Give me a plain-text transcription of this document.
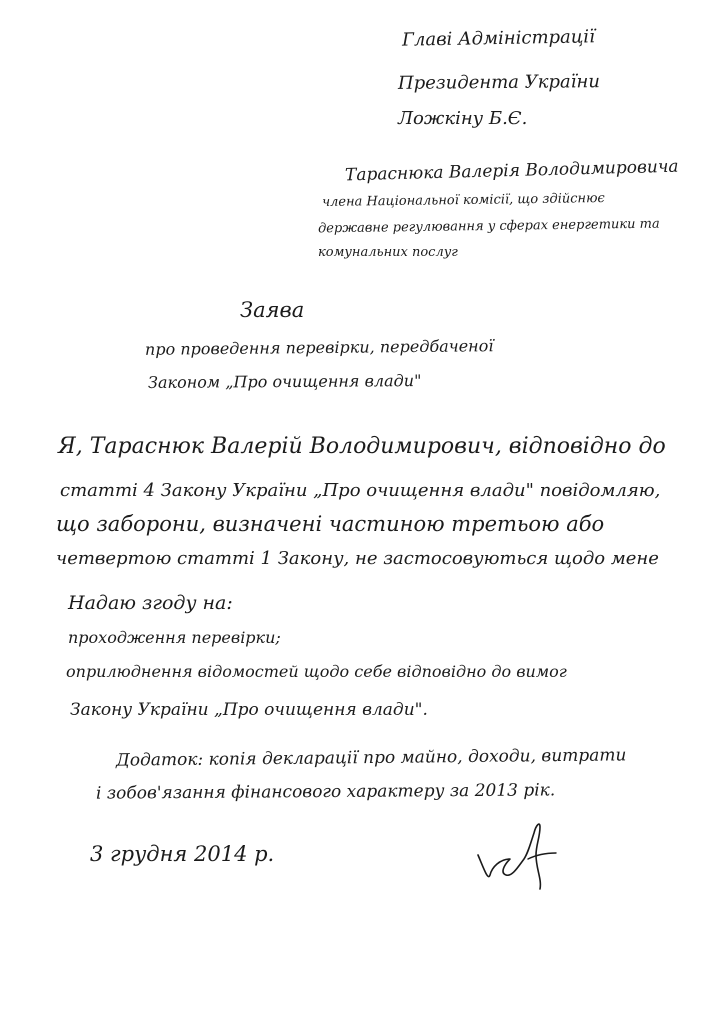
Главі Адміністрації
Президента України
Ложкіну Б.Є.
Тараснюка Валерія Володимировича
члена Національної комісії, що здійснює
державне регулювання у сферах енергетики та
комунальних послуг
Заява
про проведення перевірки, передбаченої
Законом „Про очищення влади"
Я, Тараснюк Валерій Володимирович, відповідно до
статті 4 Закону України „Про очищення влади" повідомляю,
що заборони, визначені частиною третьою або
четвертою статті 1 Закону, не застосовуються щодо мене
Надаю згоду на:
проходження перевірки;
оприлюднення відомостей щодо себе відповідно до вимог
Закону України „Про очищення влади".
Додаток: копія декларації про майно, доходи, витрати
і зобов'язання фінансового характеру за 2013 рік.
3 грудня 2014 р.
